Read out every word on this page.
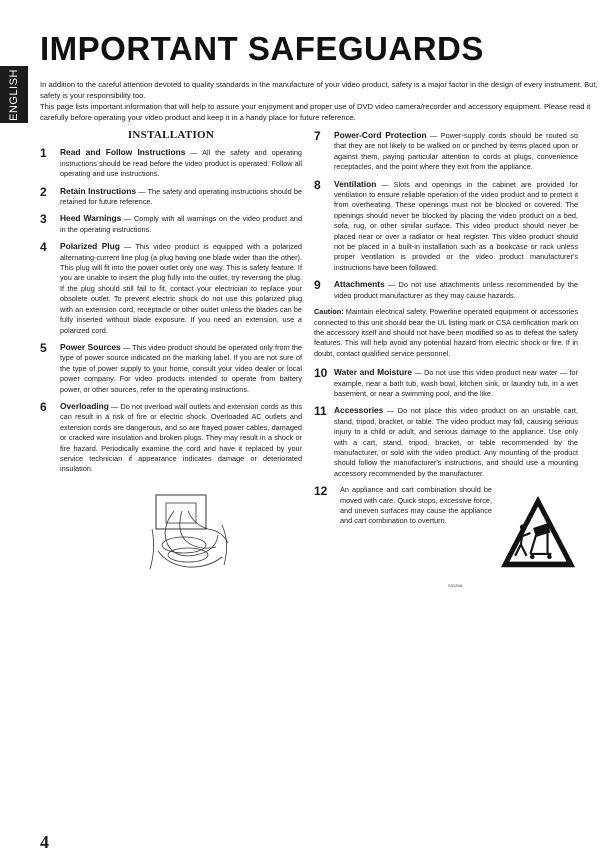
ENGLISH
IMPORTANT SAFEGUARDS

In addition to the careful attention devoted to quality standards in the manufacture of your video product, safety is a major factor in the design of every instrument. But, safety is your responsibility too.

This page lists important information that will help to assure your enjoyment and proper use of DVD video camera/recorder and accessory equipment. Please read it carefully before operating your video product and keep it in a handy place for future reference.

INSTALLATION
1	Read and Follow Instructions — All the safety and operating instructions should be read before the video product is operated. Follow all operating and use instructions.
2	Retain Instructions — The safety and operating instructions should be retained for future reference.
3	Heed Warnings — Comply with all warnings on the video product and in the operating instructions.
4	Polarized Plug — This video product is equipped with a polarized alternating-current line plug (a plug having one blade wider than the other). This plug will fit into the power outlet only one way. This is safety feature. If you are unable to insert the plug fully into the outlet, try reversing the plug. If the plug should still fail to fit, contact your electrician to replace your obsolete outlet. To prevent electric shock do not use this polarized plug with an extension cord, receptacle or other outlet unless the blades can be fully inserted without blade exposure. If you need an extension, use a polarized cord.
5	Power Sources — This video product should be operated only from the type of power source indicated on the marking label. If you are not sure of the type of power supply to your home, consult your video dealer or local power company. For video products intended to operate from battery power, or other sources, refer to the operating instructions.
6	Overloading — Do not overload wall outlets and extension cords as this can result in a risk of fire or electric shock. Overloaded AC outlets and extension cords are dangerous, and so are frayed power cables, damaged or cracked wire insulation and broken plugs. They may result in a shock or fire hazard. Periodically examine the cord and have it replaced by your service technician if appearance indicates damage or deteriorated insulation.
7	Power-Cord Protection — Power-supply cords should be routed so that they are not likely to be walked on or pinched by items placed upon or against them, paying particular attention to cords at plugs, convenience receptacles, and the point where they exit from the appliance.
8	Ventilation — Slots and openings in the cabinet are provided for ventilation to ensure reliable operation of the video product and to protect it from overheating. These openings must not be blocked or covered. The openings should never be blocked by placing the video product on a bed, sofa, rug, or other similar surface. This video product should never be placed near or over a radiator or heat register. This video product should not be placed in a built-in installation such as a bookcase or rack unless proper ventilation is provided or the video product manufacturer's instructions have been followed.
9	Attachments — Do not use attachments unless recommended by the video product manufacturer as they may cause hazards.
Caution: Maintain electrical safety. Powerline operated equipment or accessories connected to this unit should bear the UL listing mark or CSA certification mark on the accessory itself and should not have been modified so as to defeat the safety features. This will help avoid any potential hazard from electric shock or fire. If in doubt, contact qualified service personnel.
10 Water and Moisture — Do not use this video product near water — for example, near a bath tub, wash bowl, kitchen sink, or laundry tub, in a wet basement, or near a swimming pool, and the like.
11 Accessories — Do not place this video product on an unstable cart, stand, tripod, bracket, or table. The video product may fall, causing serious injury to a child or adult, and serious damage to the appliance. Use only with a cart, stand, tripod, bracket, or table recommended by the manufacturer, or sold with the video product. Any mounting of the product should follow the manufacturer's instructions, and should use a mounting accessory recommended by the manufacturer.
12	An appliance and cart combination should be moved with care. Quick stops, excessive force, and uneven surfaces may cause the appliance and cart combination to overturn.
S3125A
4
